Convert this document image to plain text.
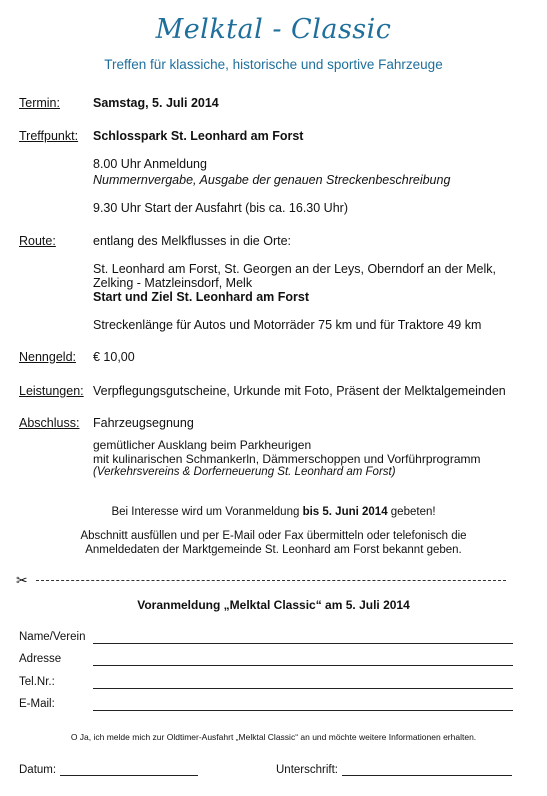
Melktal - Classic
Treffen für klassiche, historische und sportive Fahrzeuge
Termin:	Samstag, 5. Juli 2014
Treffpunkt: Schlosspark St. Leonhard am Forst
8.00 Uhr Anmeldung
Nummernvergabe, Ausgabe der genauen Streckenbeschreibung
9.30 Uhr Start der Ausfahrt (bis ca. 16.30 Uhr)
Route:	entlang des Melkflusses in die Orte:
St. Leonhard am Forst, St. Georgen an der Leys, Oberndorf an der Melk,
Zelking - Matzleinsdorf, Melk
Start und Ziel St. Leonhard am Forst
Streckenlänge für Autos und Motorräder 75 km und für Traktore 49 km
Nenngeld: € 10,00
Leistungen: Verpflegungsgutscheine, Urkunde mit Foto, Präsent der Melktalgemeinden
Abschluss: Fahrzeugsegnung
gemütlicher Ausklang beim Parkheurigen
mit kulinarischen Schmankerln, Dämmerschoppen und Vorführprogramm
(Verkehrsvereins & Dorferneuerung St. Leonhard am Forst)
Bei Interesse wird um Voranmeldung bis 5. Juni 2014 gebeten!
Abschnitt ausfüllen und per E-Mail oder Fax übermitteln oder telefonisch die
Anmeldedaten der Marktgemeinde St. Leonhard am Forst bekannt geben.
✂
Voranmeldung „Melktal Classic“ am 5. Juli 2014
Name/Verein
Adresse
Tel.Nr.:
E-Mail:
O Ja, ich melde mich zur Oldtimer-Ausfahrt „Melktal Classic“ an und möchte weitere Informationen erhalten.
Datum:	Unterschrift:
